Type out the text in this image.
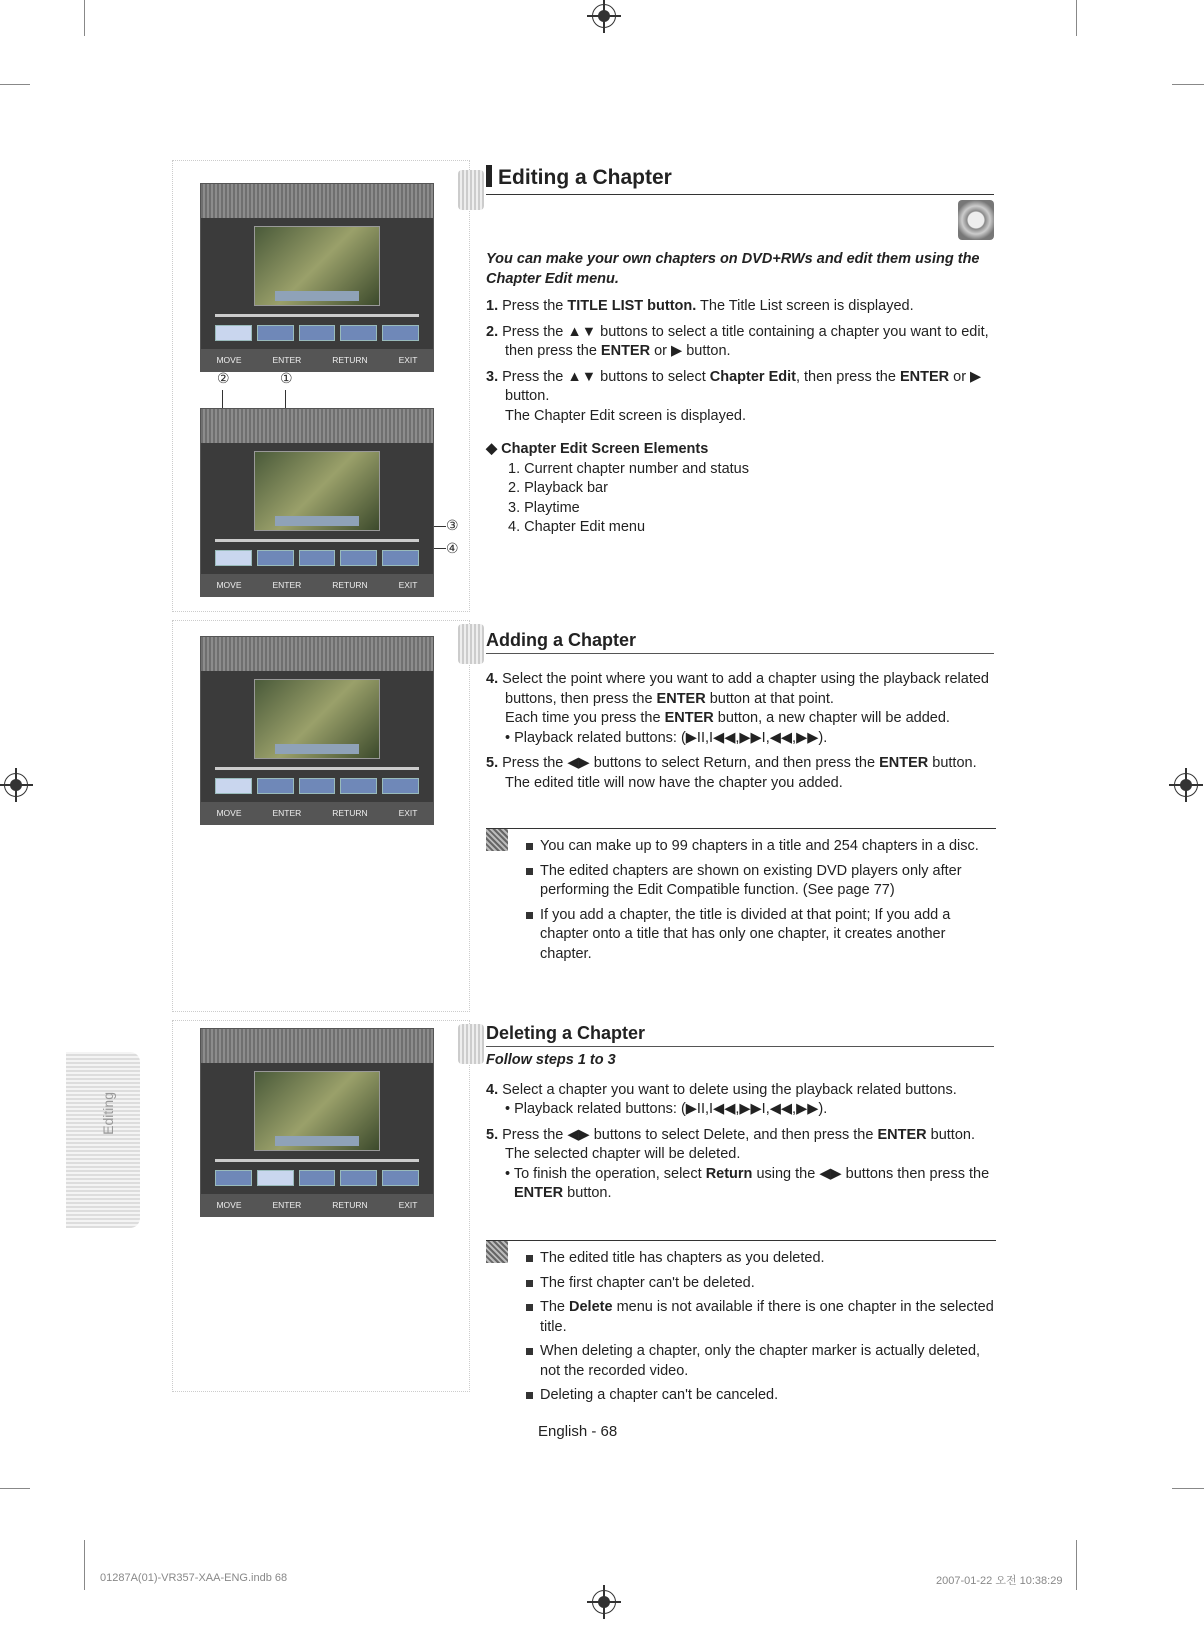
Editing
MOVE	ENTER	RETURN	EXIT
②	①
③
④
MOVE	ENTER	RETURN	EXIT
MOVE	ENTER	RETURN	EXIT
MOVE	ENTER	RETURN	EXIT
Editing a Chapter

You can make your own chapters on DVD+RWs and edit them using the Chapter Edit menu.

1. Press the TITLE LIST button. The Title List screen is displayed.

2. Press the ▲▼ buttons to select a title containing a chapter you want to edit, then press the ENTER or ▶ button.

3. Press the ▲▼ buttons to select Chapter Edit, then press the ENTER or ▶ button.

The Chapter Edit screen is displayed.

◆ Chapter Edit Screen Elements

1. Current chapter number and status
2. Playback bar
3. Playtime
4. Chapter Edit menu
Adding a Chapter

4. Select the point where you want to add a chapter using the playback related buttons, then press the ENTER button at that point.

Each time you press the ENTER button, a new chapter will be added.

• Playback related buttons: (▶II,I◀◀,▶▶I,◀◀,▶▶).

5. Press the ◀▶ buttons to select Return, and then press the ENTER button.

The edited title will now have the chapter you added.

You can make up to 99 chapters in a title and 254 chapters in a disc.
The edited chapters are shown on existing DVD players only after performing the Edit Compatible function. (See page 77)
If you add a chapter, the title is divided at that point; If you add a chapter onto a title that has only one chapter, it creates another chapter.
Deleting a Chapter

Follow steps 1 to 3

4. Select a chapter you want to delete using the playback related buttons.

• Playback related buttons: (▶II,I◀◀,▶▶I,◀◀,▶▶).

5. Press the ◀▶ buttons to select Delete, and then press the ENTER button.

The selected chapter will be deleted.

• To finish the operation, select Return using the ◀▶ buttons then press the ENTER button.

The edited title has chapters as you deleted.
The first chapter can't be deleted.
The Delete menu is not available if there is one chapter in the selected title.
When deleting a chapter, only the chapter marker is actually deleted, not the recorded video.
Deleting a chapter can't be canceled.
English - 68
01287A(01)-VR357-XAA-ENG.indb 68	2007-01-22 오전 10:38:29
